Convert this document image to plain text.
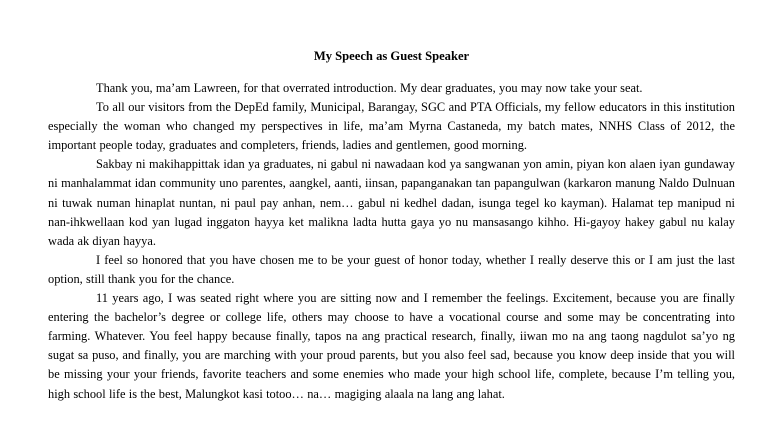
My Speech as Guest Speaker

Thank you, ma’am Lawreen, for that overrated introduction. My dear graduates, you may now take your seat.

To all our visitors from the DepEd family, Municipal, Barangay, SGC and PTA Officials, my fellow educators in this institution especially the woman who changed my perspectives in life, ma’am Myrna Castaneda, my batch mates, NNHS Class of 2012, the important people today, graduates and completers, friends, ladies and gentlemen, good morning.

Sakbay ni makihappittak idan ya graduates, ni gabul ni nawadaan kod ya sangwanan yon amin, piyan kon alaen iyan gundaway ni manhalammat idan community uno parentes, aangkel, aanti, iinsan, papanganakan tan papangulwan (karkaron manung Naldo Dulnuan ni tuwak numan hinaplat nuntan, ni paul pay anhan, nem… gabul ni kedhel dadan, isunga tegel ko kayman). Halamat tep manipud ni nan-ihkwellaan kod yan lugad inggaton hayya ket malikna ladta hutta gaya yo nu mansasango kihho. Hi-gayoy hakey gabul nu kalay wada ak diyan hayya.

I feel so honored that you have chosen me to be your guest of honor today, whether I really deserve this or I am just the last option, still thank you for the chance.

11 years ago, I was seated right where you are sitting now and I remember the feelings. Excitement, because you are finally entering the bachelor’s degree or college life, others may choose to have a vocational course and some may be concentrating into farming. Whatever. You feel happy because finally, tapos na ang practical research, finally, iiwan mo na ang taong nagdulot sa’yo ng sugat sa puso, and finally, you are marching with your proud parents, but you also feel sad, because you know deep inside that you will be missing your your friends, favorite teachers and some enemies who made your high school life, complete, because I’m telling you, high school life is the best, Malungkot kasi totoo… na… magiging alaala na lang ang lahat.
